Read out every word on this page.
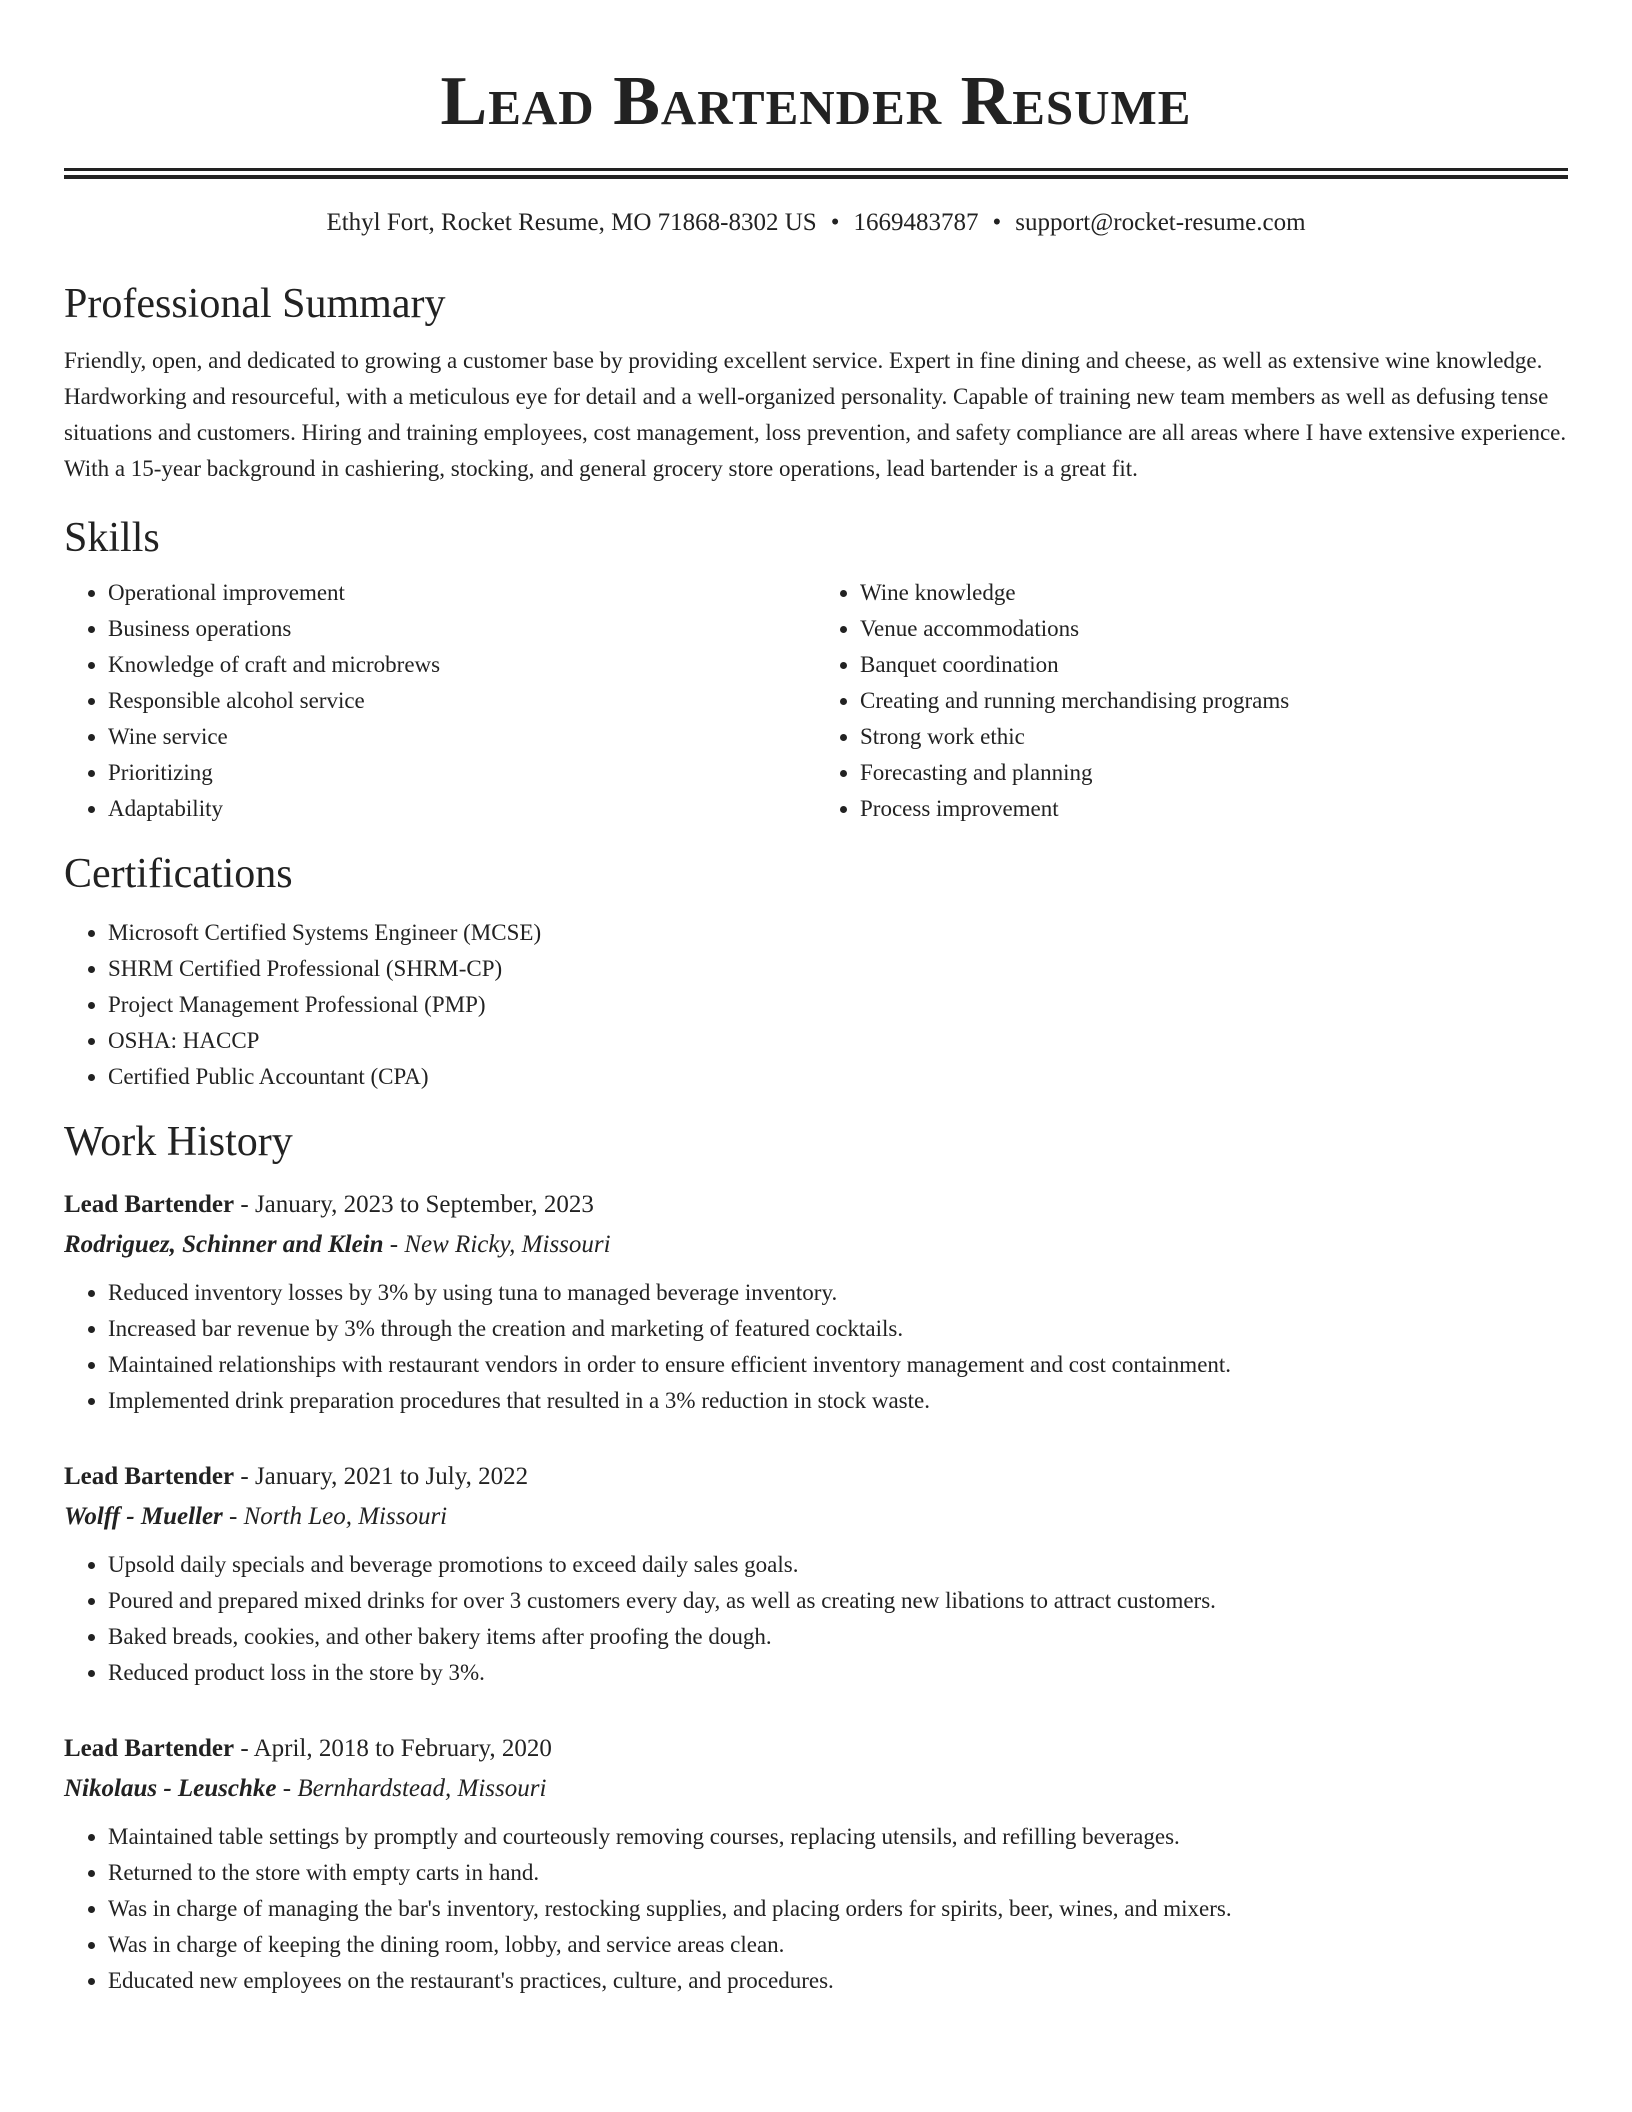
Lead Bartender Resume
Ethyl Fort, Rocket Resume, MO 71868-8302 US • 1669483787 • support@rocket-resume.com
Professional Summary

Friendly, open, and dedicated to growing a customer base by providing excellent service. Expert in fine dining and cheese, as well as extensive wine knowledge. Hardworking and resourceful, with a meticulous eye for detail and a well-organized personality. Capable of training new team members as well as defusing tense situations and customers. Hiring and training employees, cost management, loss prevention, and safety compliance are all areas where I have extensive experience. With a 15-year background in cashiering, stocking, and general grocery store operations, lead bartender is a great fit.

Skills
• Operational improvement
• Business operations
• Knowledge of craft and microbrews
• Responsible alcohol service
• Wine service
• Prioritizing
• Adaptability
• Wine knowledge
• Venue accommodations
• Banquet coordination
• Creating and running merchandising programs
• Strong work ethic
• Forecasting and planning
• Process improvement
Certifications
• Microsoft Certified Systems Engineer (MCSE)
• SHRM Certified Professional (SHRM-CP)
• Project Management Professional (PMP)
• OSHA: HACCP
• Certified Public Accountant (CPA)
Work History
Lead Bartender - January, 2023 to September, 2023
Rodriguez, Schinner and Klein - New Ricky, Missouri
• Reduced inventory losses by 3% by using tuna to managed beverage inventory.
• Increased bar revenue by 3% through the creation and marketing of featured cocktails.
• Maintained relationships with restaurant vendors in order to ensure efficient inventory management and cost containment.
• Implemented drink preparation procedures that resulted in a 3% reduction in stock waste.
Lead Bartender - January, 2021 to July, 2022
Wolff - Mueller - North Leo, Missouri
• Upsold daily specials and beverage promotions to exceed daily sales goals.
• Poured and prepared mixed drinks for over 3 customers every day, as well as creating new libations to attract customers.
• Baked breads, cookies, and other bakery items after proofing the dough.
• Reduced product loss in the store by 3%.
Lead Bartender - April, 2018 to February, 2020
Nikolaus - Leuschke - Bernhardstead, Missouri
• Maintained table settings by promptly and courteously removing courses, replacing utensils, and refilling beverages.
• Returned to the store with empty carts in hand.
• Was in charge of managing the bar's inventory, restocking supplies, and placing orders for spirits, beer, wines, and mixers.
• Was in charge of keeping the dining room, lobby, and service areas clean.
• Educated new employees on the restaurant's practices, culture, and procedures.
